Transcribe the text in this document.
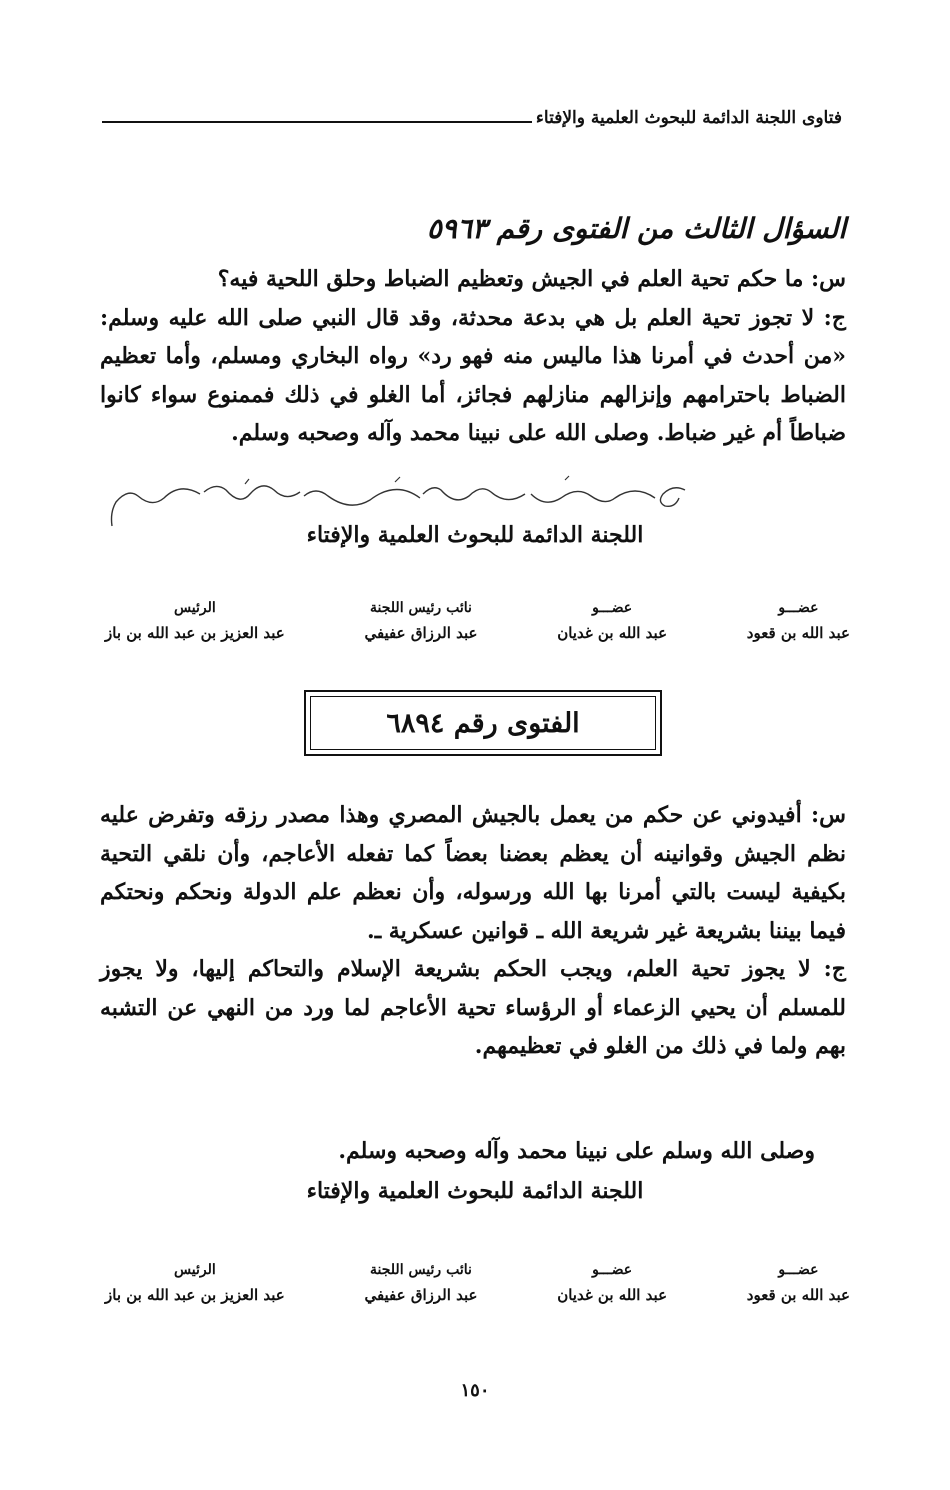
فتاوى اللجنة الدائمة للبحوث العلمية والإفتاء
السؤال الثالث من الفتوى رقم ٥٩٦٣
س: ما حكم تحية العلم في الجيش وتعظيم الضباط وحلق اللحية فيه؟
ج: لا تجوز تحية العلم بل هي بدعة محدثة، وقد قال النبي صلى الله عليه وسلم: «من أحدث في أمرنا هذا ماليس منه فهو رد» رواه البخاري ومسلم، وأما تعظيم الضباط باحترامهم وإنزالهم منازلهم فجائز، أما الغلو في ذلك فممنوع سواء كانوا ضباطاً أم غير ضباط. وصلى الله على نبينا محمد وآله وصحبه وسلم.
اللجنة الدائمة للبحوث العلمية والإفتاء
عضـــو
عبد الله بن قعود
عضـــو
عبد الله بن غديان
نائب رئيس اللجنة
عبد الرزاق عفيفي
الرئيس
عبد العزيز بن عبد الله بن باز
الفتوى رقم ٦٨٩٤
س: أفيدوني عن حكم من يعمل بالجيش المصري وهذا مصدر رزقه وتفرض عليه نظم الجيش وقوانينه أن يعظم بعضنا بعضاً كما تفعله الأعاجم، وأن نلقي التحية بكيفية ليست بالتي أمرنا بها الله ورسوله، وأن نعظم علم الدولة ونحكم ونحتكم فيما بيننا بشريعة غير شريعة الله ـ قوانين عسكرية ـ.
ج: لا يجوز تحية العلم، ويجب الحكم بشريعة الإسلام والتحاكم إليها، ولا يجوز للمسلم أن يحيي الزعماء أو الرؤساء تحية الأعاجم لما ورد من النهي عن التشبه بهم ولما في ذلك من الغلو في تعظيمهم.
وصلى الله وسلم على نبينا محمد وآله وصحبه وسلم.
اللجنة الدائمة للبحوث العلمية والإفتاء
عضـــو
عبد الله بن قعود
عضـــو
عبد الله بن غديان
نائب رئيس اللجنة
عبد الرزاق عفيفي
الرئيس
عبد العزيز بن عبد الله بن باز
١٥٠
